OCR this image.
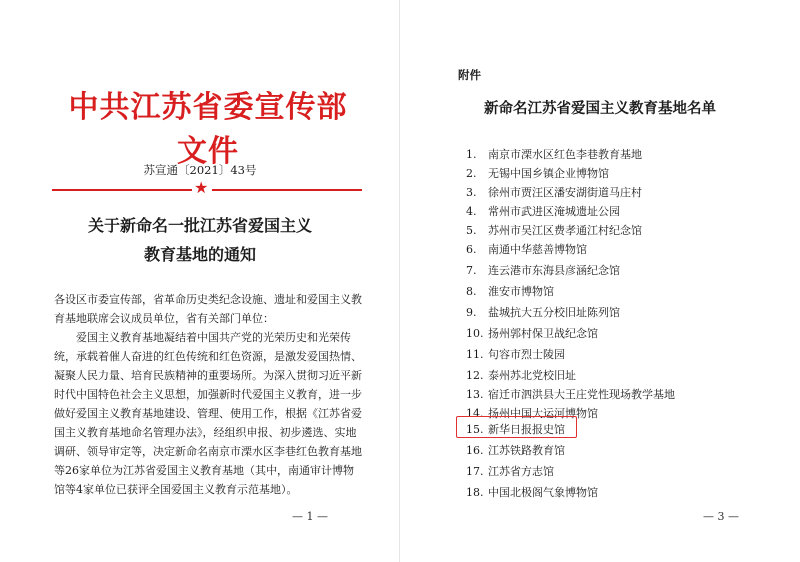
中共江苏省委宣传部文件
苏宣通〔2021〕43号
★
关于新命名一批江苏省爱国主义
教育基地的通知
各设区市委宣传部，省革命历史类纪念设施、遗址和爱国主义教
育基地联席会议成员单位，省有关部门单位：
爱国主义教育基地凝结着中国共产党的光荣历史和光荣传
统，承载着催人奋进的红色传统和红色资源，是激发爱国热情、
凝聚人民力量、培育民族精神的重要场所。为深入贯彻习近平新
时代中国特色社会主义思想，加强新时代爱国主义教育，进一步
做好爱国主义教育基地建设、管理、使用工作，根据《江苏省爱
国主义教育基地命名管理办法》，经组织申报、初步遴选、实地
调研、领导审定等，决定新命名南京市溧水区李巷红色教育基地
等26家单位为江苏省爱国主义教育基地（其中，南通审计博物
馆等4家单位已获评全国爱国主义教育示范基地）。
— 1 —
附件
新命名江苏省爱国主义教育基地名单
1. 南京市溧水区红色李巷教育基地
2. 无锡中国乡镇企业博物馆
3. 徐州市贾汪区潘安湖街道马庄村
4. 常州市武进区淹城遗址公园
5. 苏州市吴江区费孝通江村纪念馆
6. 南通中华慈善博物馆
7. 连云港市东海县彦涵纪念馆
8. 淮安市博物馆
9. 盐城抗大五分校旧址陈列馆
10. 扬州郭村保卫战纪念馆
11. 句容市烈士陵园
12. 泰州苏北党校旧址
13. 宿迁市泗洪县大王庄党性现场教学基地
14. 扬州中国大运河博物馆
15. 新华日报报史馆
16. 江苏铁路教育馆
17. 江苏省方志馆
18. 中国北极阁气象博物馆
— 3 —
